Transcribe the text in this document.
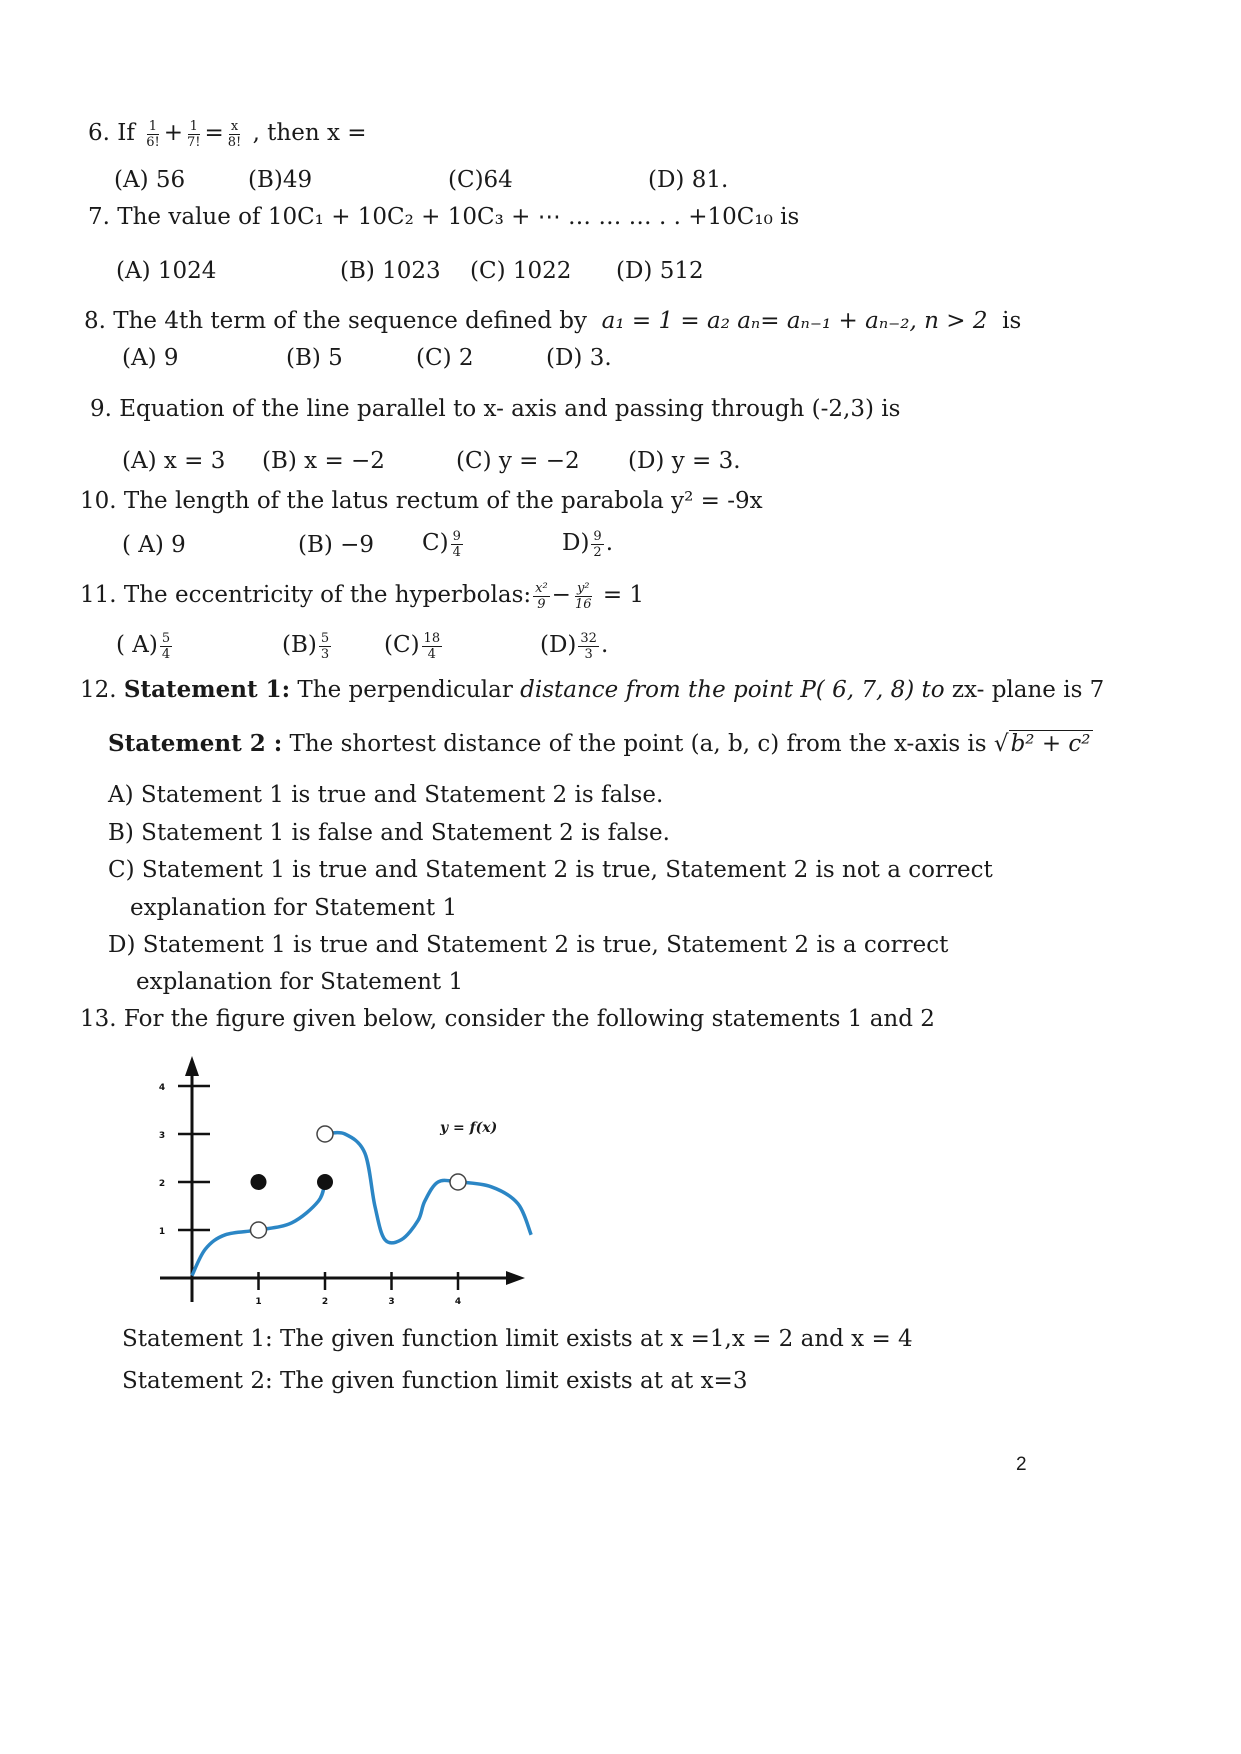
6. If $\frac{1}{6!} + \frac{1}{7!} = \frac{x}{8!}$ , then x =
(A) 56	(B)49	(C)64	(D) 81.
7. The value of 10C₁ + 10C₂ + 10C₃ + ⋯ … … … . . +10C₁₀ is
(A) 1024	(B) 1023 (C) 1022 (D) 512
8. The 4th term of the sequence defined by a₁ = 1 = a₂ aₙ= aₙ₋₁ + aₙ₋₂, n > 2 is
(A) 9	(B) 5	(C) 2	(D) 3.
9. Equation of the line parallel to x- axis and passing through (-2,3) is
(A) x = 3 (B) x = −2	(C) y = −2 (D) y = 3.
10. The length of the latus rectum of the parabola y² = -9x
( A) 9	(B) −9 $C) \frac{9}{4}$	$D) \frac{9}{2}$ .
11. The eccentricity of the hyperbolas: $\frac{\text{x²}}{9} - \frac{\text{y²}}{16} = 1$
( $A) \frac{5}{4}$	$(B) \frac{5}{3} (C) \frac{18}{4}$	$(D) \frac{32}{3}$ .
12. Statement 1: The perpendicular distance from the point P( 6, 7, 8) to zx- plane is 7
Statement 2 : The shortest distance of the point (a, b, c) from the x-axis is √b² + c²
A) Statement 1 is true and Statement 2 is false.
B) Statement 1 is false and Statement 2 is false.
C) Statement 1 is true and Statement 2 is true, Statement 2 is not a correct
explanation for Statement 1
D) Statement 1 is true and Statement 2 is true, Statement 2 is a correct
explanation for Statement 1
13. For the figure given below, consider the following statements 1 and 2
1	2	3	4
1
2
3
4
y = f(x)
Statement 1: The given function limit exists at x =1,x = 2 and x = 4
Statement 2: The given function limit exists at at x=3
2
